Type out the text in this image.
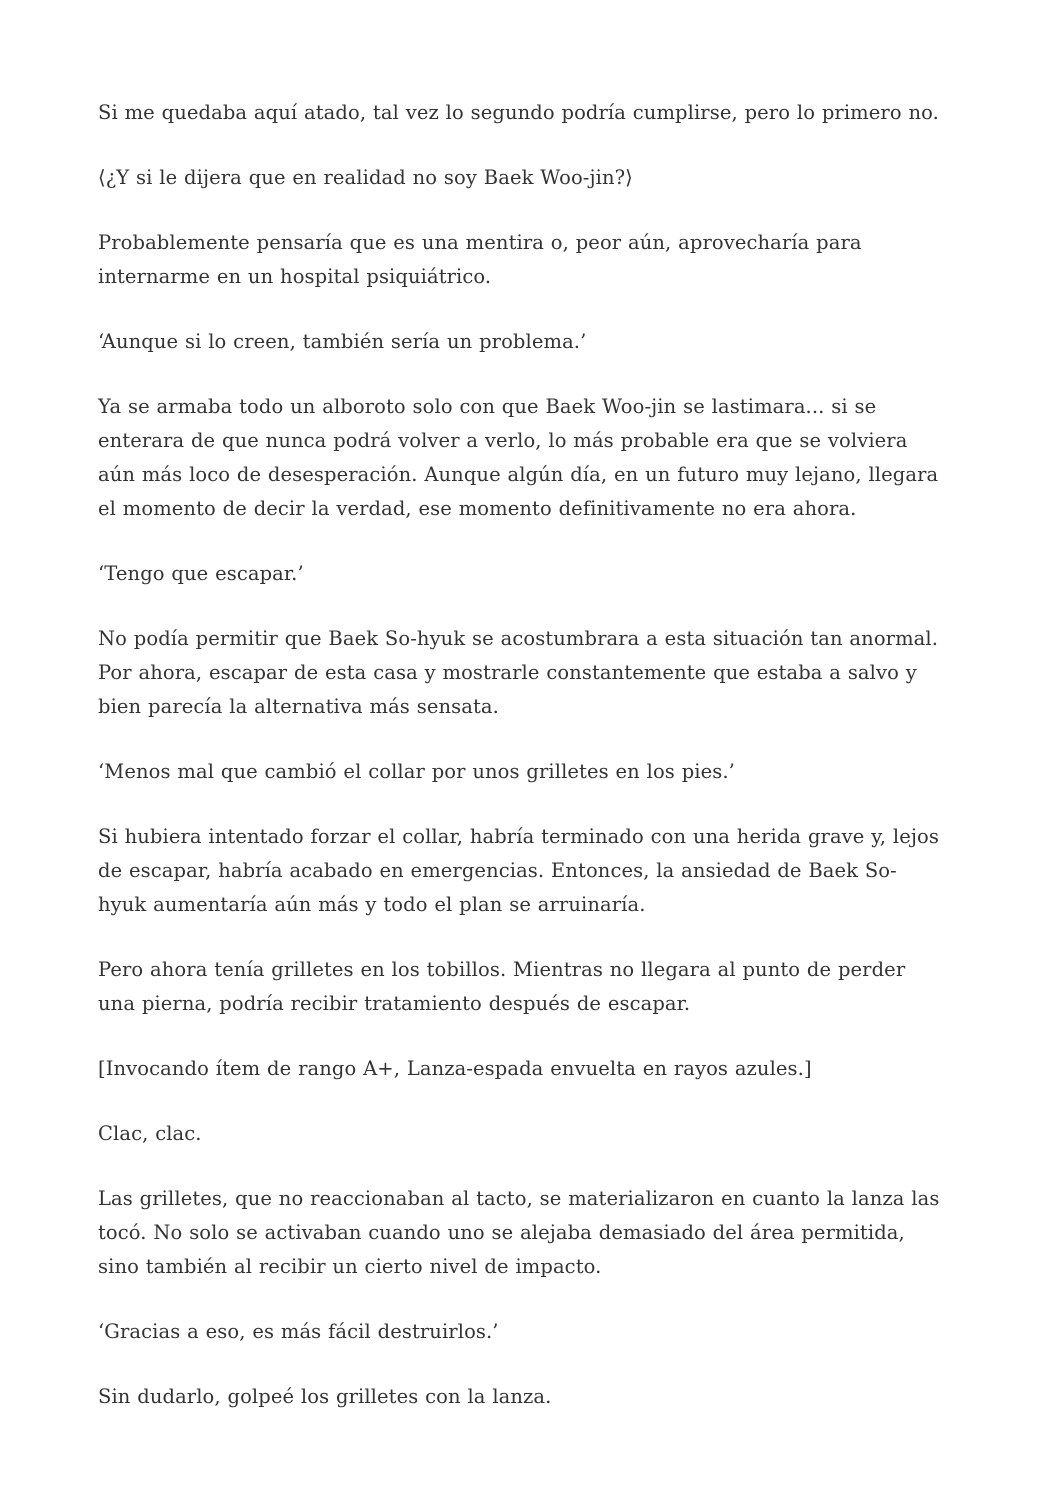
Si me quedaba aquí atado, tal vez lo segundo podría cumplirse, pero lo primero no.

⟨¿Y si le dijera que en realidad no soy Baek Woo-jin?⟩

Probablemente pensaría que es una mentira o, peor aún, aprovecharía para internarme en un hospital psiquiátrico.

‘Aunque si lo creen, también sería un problema.’

Ya se armaba todo un alboroto solo con que Baek Woo-jin se lastimara... si se enterara de que nunca podrá volver a verlo, lo más probable era que se volviera aún más loco de desesperación. Aunque algún día, en un futuro muy lejano, llegara el momento de decir la verdad, ese momento definitivamente no era ahora.

‘Tengo que escapar.’

No podía permitir que Baek So-hyuk se acostumbrara a esta situación tan anormal. Por ahora, escapar de esta casa y mostrarle constantemente que estaba a salvo y bien parecía la alternativa más sensata.

‘Menos mal que cambió el collar por unos grilletes en los pies.’

Si hubiera intentado forzar el collar, habría terminado con una herida grave y, lejos de escapar, habría acabado en emergencias. Entonces, la ansiedad de Baek So-hyuk aumentaría aún más y todo el plan se arruinaría.

Pero ahora tenía grilletes en los tobillos. Mientras no llegara al punto de perder una pierna, podría recibir tratamiento después de escapar.

[Invocando ítem de rango A+, Lanza-espada envuelta en rayos azules.]

Clac, clac.

Las grilletes, que no reaccionaban al tacto, se materializaron en cuanto la lanza las tocó. No solo se activaban cuando uno se alejaba demasiado del área permitida, sino también al recibir un cierto nivel de impacto.

‘Gracias a eso, es más fácil destruirlos.’

Sin dudarlo, golpeé los grilletes con la lanza.
